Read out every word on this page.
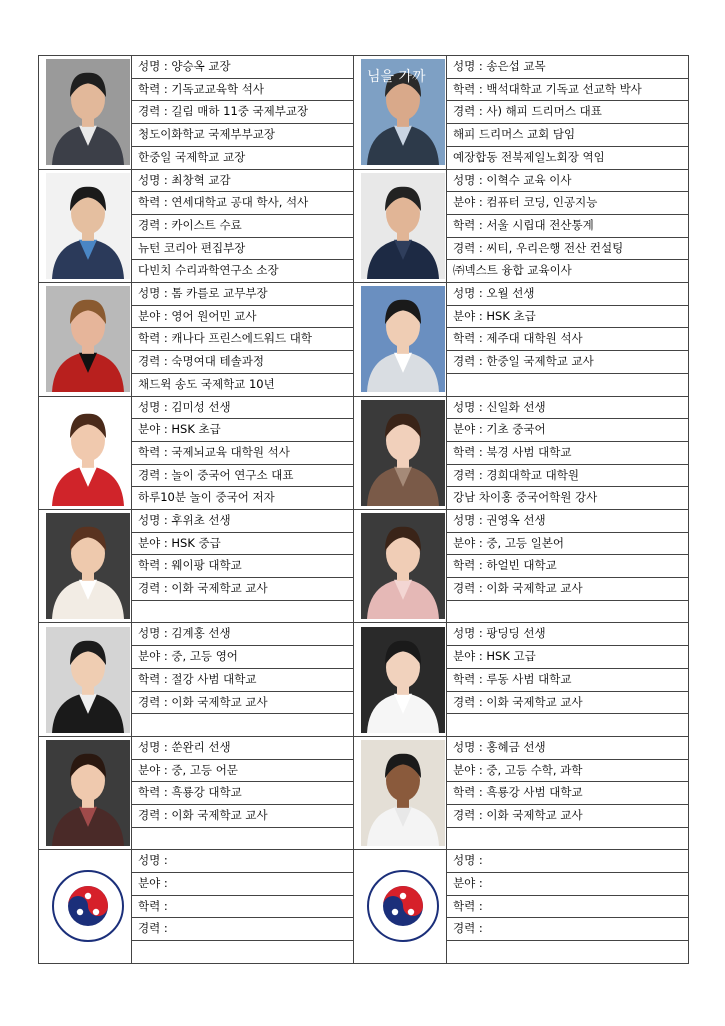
	성명 : 양승옥 교장	님을 가까	성명 : 송은섭 교목
	학력 : 기독교교육학 석사		학력 : 백석대학교 기독교 선교학 박사
	경력 : 길림 매하 11중 국제부교장		경력 : 사) 해피 드리머스 대표
	청도이화학교 국제부부교장		해피 드리머스 교회 담임
	한중일 국제학교 교장		예장합동 전북제일노회장 역임

	성명 : 최창혁 교감		성명 : 이혁수 교육 이사
	학력 : 연세대학교 공대 학사, 석사		분야 : 컴퓨터 코딩, 인공지능
	경력 : 카이스트 수료		학력 : 서울 시립대 전산통계
	뉴턴 코리아 편집부장		경력 : 씨티, 우리은행 전산 컨설팅
	다빈치 수리과학연구소 소장		㈜넥스트 융합 교육이사

	성명 : 톰 카를로 교무부장		성명 : 오월 선생
	분야 : 영어 원어민 교사		분야 : HSK 초급
	학력 : 캐나다 프린스에드워드 대학		학력 : 제주대 대학원 석사
	경력 : 숙명여대 테솔과정		경력 : 한중일 국제학교 교사
	채드윅 송도 국제학교 10년		

	성명 : 김미성 선생		성명 : 신일화 선생
	분야 : HSK 초급		분야 : 기초 중국어
	학력 : 국제뇌교육 대학원 석사		학력 : 북경 사범 대학교
	경력 : 놀이 중국어 연구소 대표		경력 : 경희대학교 대학원
	하루10분 놀이 중국어 저자		강남 차이홍 중국어학원 강사

	성명 : 후위초 선생		성명 : 권영옥 선생
	분야 : HSK 중급		분야 : 중, 고등 일본어
	학력 : 웨이팡 대학교		학력 : 하얼빈 대학교
	경력 : 이화 국제학교 교사		경력 : 이화 국제학교 교사

	성명 : 김계홍 선생		성명 : 팡딩딩 선생
	분야 : 중, 고등 영어		분야 : HSK 고급
	학력 : 절강 사범 대학교		학력 : 루동 사범 대학교
	경력 : 이화 국제학교 교사		경력 : 이화 국제학교 교사

	성명 : 쑨완리 선생		성명 : 홍혜금 선생
	분야 : 중, 고등 어문		분야 : 중, 고등 수학, 과학
	학력 : 흑룡강 대학교		학력 : 흑룡강 사범 대학교
	경력 : 이화 국제학교 교사		경력 : 이화 국제학교 교사

	성명 :		성명 :
	분야 :		분야 :
	학력 :		학력 :
	경력 :		경력 :
